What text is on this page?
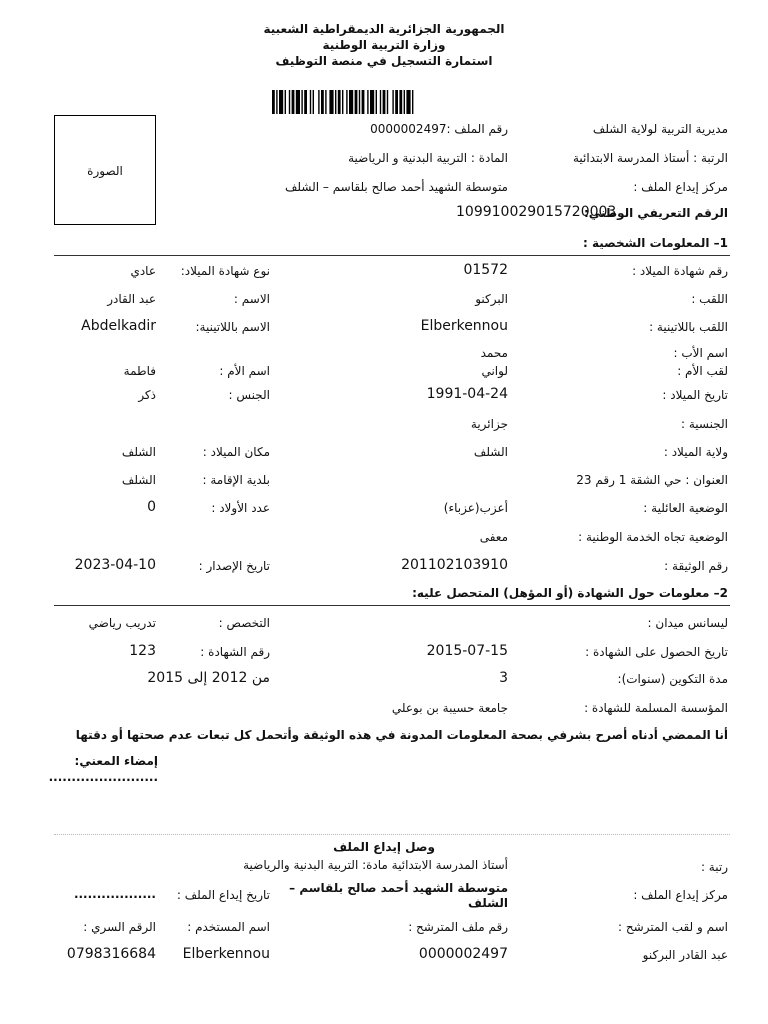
الجمهورية الجزائرية الديمقراطية الشعبية
وزارة التربية الوطنية
استمارة التسجيل في منصة التوظيف
الصورة
مديرية التربية لولاية الشلف
رقم الملف :0000002497
الرتبة : أستاذ المدرسة الابتدائية
المادة : التربية البدنية و الرياضية
مركز إيداع الملف :
متوسطة الشهيد أحمد صالح بلقاسم – الشلف
الرقم التعريفي الوطني:
109910029015720003
1– المعلومات الشخصية :
رقم شهادة الميلاد :
01572
نوع شهادة الميلاد:
عادي
اللقب :
البركنو
الاسم :
عبد القادر
اللقب باللاتينية :
Elberkennou
الاسم باللاتينية:
Abdelkadir
اسم الأب :
محمد
لقب الأم :
لواني
اسم الأم :
فاطمة
تاريخ الميلاد :
1991-04-24
الجنس :
ذكر
الجنسية :
جزائرية
ولاية الميلاد :
الشلف
مكان الميلاد :
الشلف
العنوان : حي الشقة 1 رقم 23
بلدية الإقامة :
الشلف
الوضعية العائلية :
أعزب(عزباء)
عدد الأولاد :
0
الوضعية تجاه الخدمة الوطنية :
معفى
رقم الوثيقة :
201102103910
تاريخ الإصدار :
2023-04-10
2– معلومات حول الشهادة (أو المؤهل) المتحصل عليه:
ليسانس ميدان :
التخصص :
تدريب رياضي
تاريخ الحصول على الشهادة :
2015-07-15
رقم الشهادة :
123
مدة التكوين (سنوات):
3
من 2012 إلى 2015
المؤسسة المسلمة للشهادة :
جامعة حسيبة بن بوعلي
أنا الممضي أدناه أصرح بشرفي بصحة المعلومات المدونة في هذه الوثيقة وأتحمل كل تبعات عدم صحتها أو دقتها
إمضاء المعني:
........................
وصل إيداع الملف
رتبة :
أستاذ المدرسة الابتدائية مادة: التربية البدنية والرياضية
مركز إيداع الملف :
متوسطة الشهيد أحمد صالح بلقاسم –
الشلف
تاريخ إيداع الملف :
..................
اسم و لقب المترشح :
رقم ملف المترشح :
اسم المستخدم :
الرقم السري :
عبد القادر البركنو
0000002497
Elberkennou
0798316684
